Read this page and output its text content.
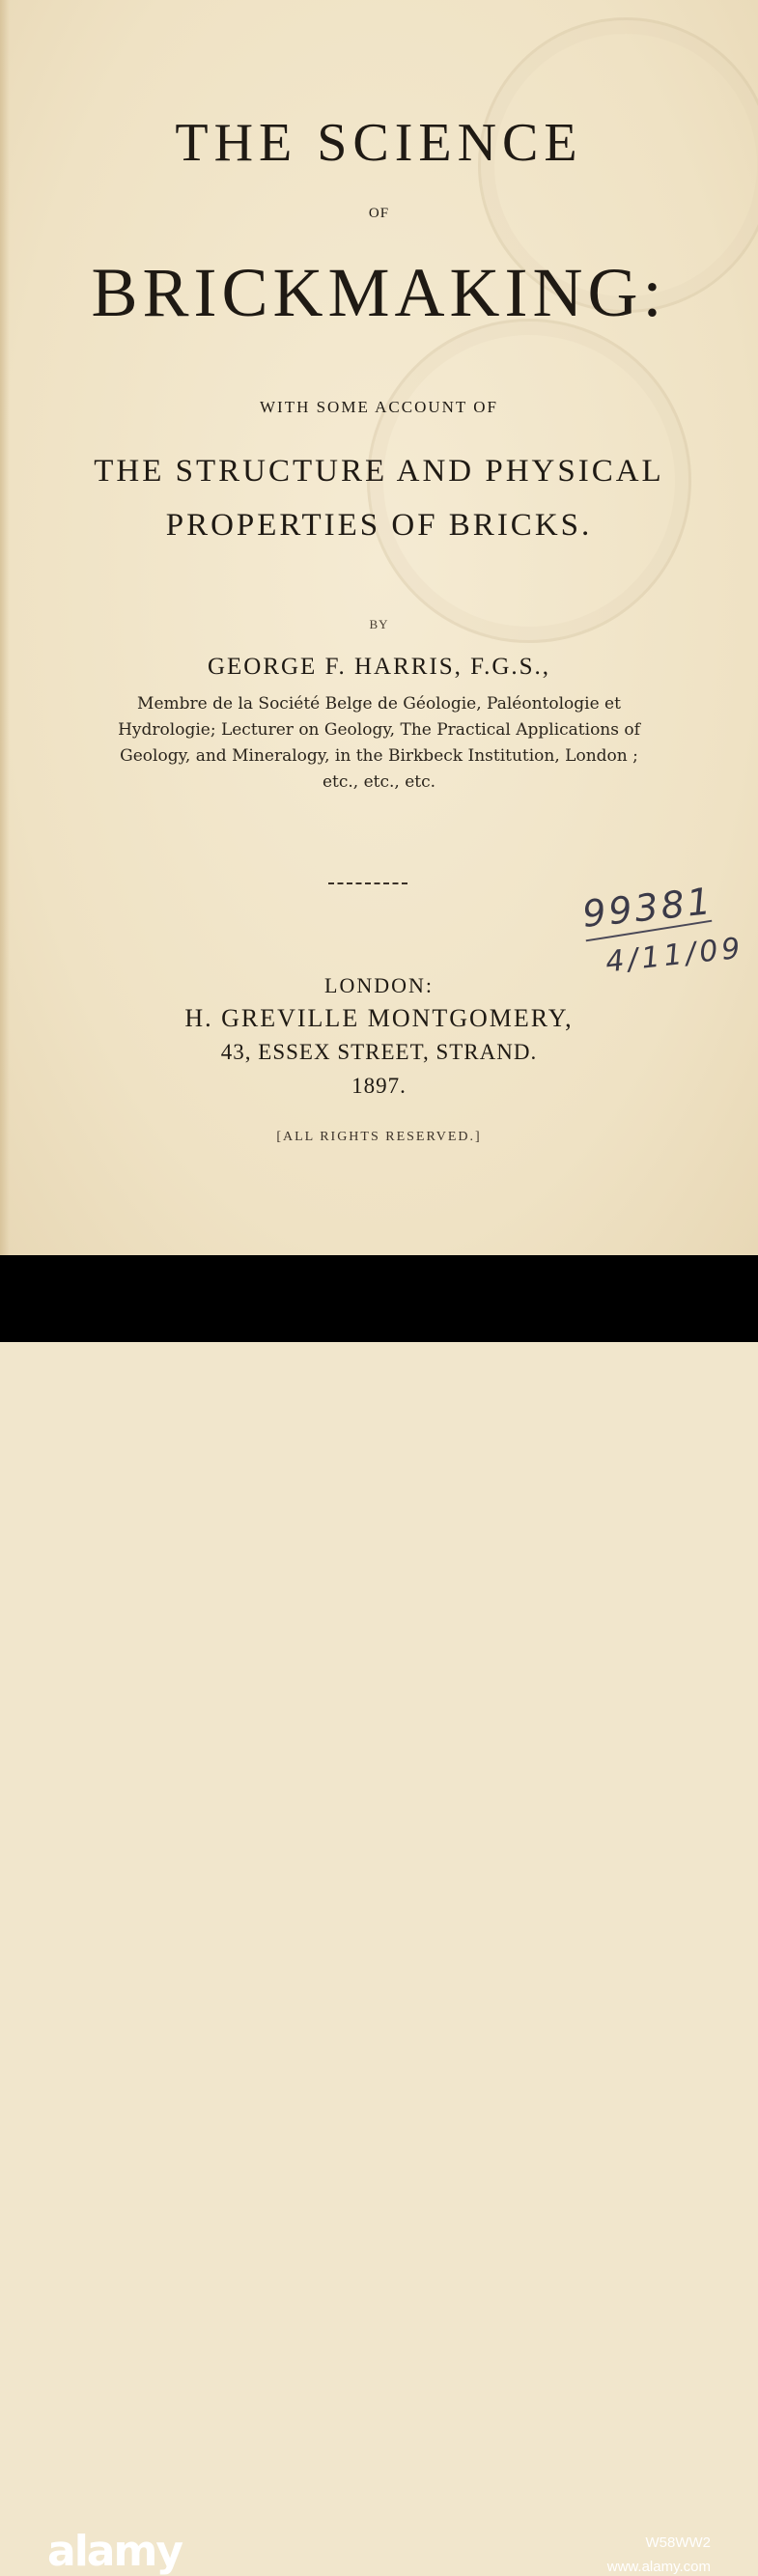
THE SCIENCE
OF
BRICKMAKING:
WITH SOME ACCOUNT OF
THE STRUCTURE AND PHYSICAL
PROPERTIES OF BRICKS.
BY
GEORGE F. HARRIS, F.G.S.,
Membre de la Société Belge de Géologie, Paléontologie et
Hydrologie; Lecturer on Geology, The Practical Applications of
Geology, and Mineralogy, in the Birkbeck Institution, London ;
etc., etc., etc.
99381
4/11/09
LONDON:
H. GREVILLE MONTGOMERY,
43, ESSEX STREET, STRAND.
1897.
[ALL RIGHTS RESERVED.]
alamy	W58WW2
www.alamy.com
